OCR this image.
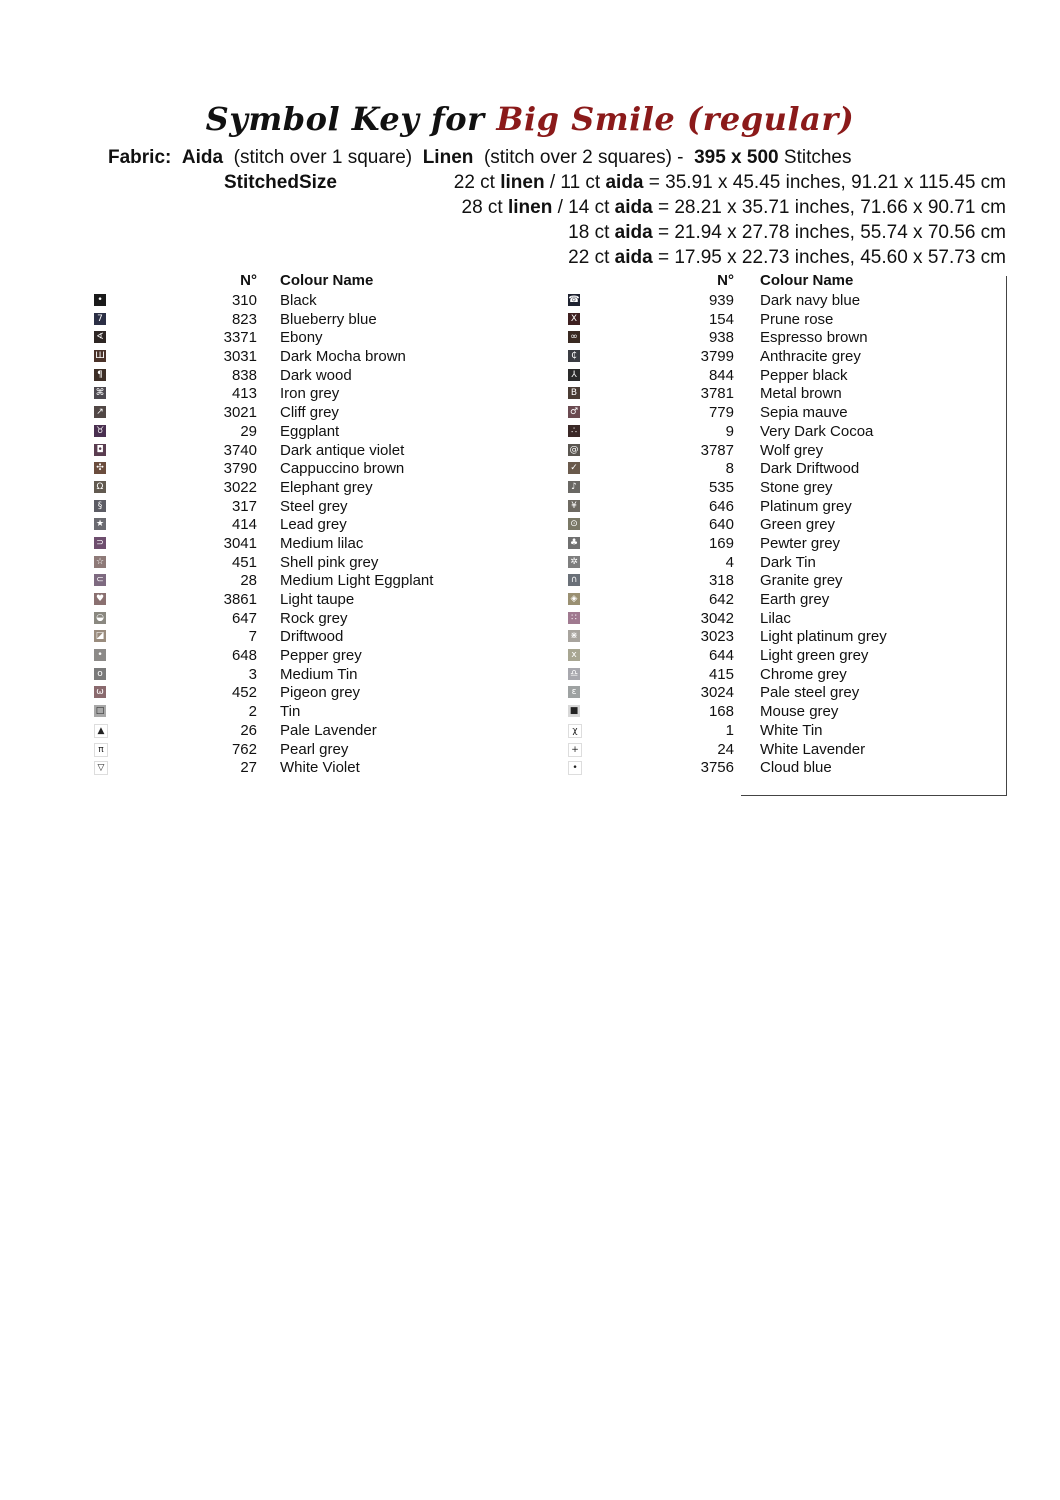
Symbol Key for Big Smile (regular)
Fabric: Aida (stitch over 1 square) Linen (stitch over 2 squares) - 395 x 500 Stitches
StitchedSize	22 ct linen / 11 ct aida = 35.91 x 45.45 inches, 91.21 x 115.45 cm
28 ct linen / 14 ct aida = 28.21 x 35.71 inches, 71.66 x 90.71 cm
18 ct aida = 21.94 x 27.78 inches, 55.74 x 70.56 cm
22 ct aida = 17.95 x 22.73 inches, 45.60 x 57.73 cm
Sym	N° Colour Name
•	310 Black
7	823 Blueberry blue
∢	3371 Ebony
Ш	3031 Dark Mocha brown
¶	838 Dark wood
⌘	413 Iron grey
↗	3021 Cliff grey
♉	29 Eggplant
◘	3740 Dark antique violet
✣	3790 Cappuccino brown
Ω	3022 Elephant grey
§	317 Steel grey
★	414 Lead grey
⊃	3041 Medium lilac
☆	451 Shell pink grey
⊂	28 Medium Light Eggplant
♥	3861 Light taupe
◒	647 Rock grey
◪	7 Driftwood
•	648 Pepper grey
o	3 Medium Tin
ω	452 Pigeon grey
□	2 Tin
▲	26 Pale Lavender
π	762 Pearl grey
▽	27 White Violet
Sym	N° Colour Name
☎	939 Dark navy blue
X	154 Prune rose
∞	938 Espresso brown
₵	3799 Anthracite grey
⅄	844 Pepper black
B	3781 Metal brown
♂	779 Sepia mauve
∴	9 Very Dark Cocoa
@	3787 Wolf grey
✓	8 Dark Driftwood
♪	535 Stone grey
¥	646 Platinum grey
⊙	640 Green grey
♣	169 Pewter grey
✲	4 Dark Tin
∩	318 Granite grey
◈	642 Earth grey
∷	3042 Lilac
⋇	3023 Light platinum grey
x	644 Light green grey
♎	415 Chrome grey
ε	3024 Pale steel grey
■	168 Mouse grey
χ	1 White Tin
+	24 White Lavender
•	3756 Cloud blue
